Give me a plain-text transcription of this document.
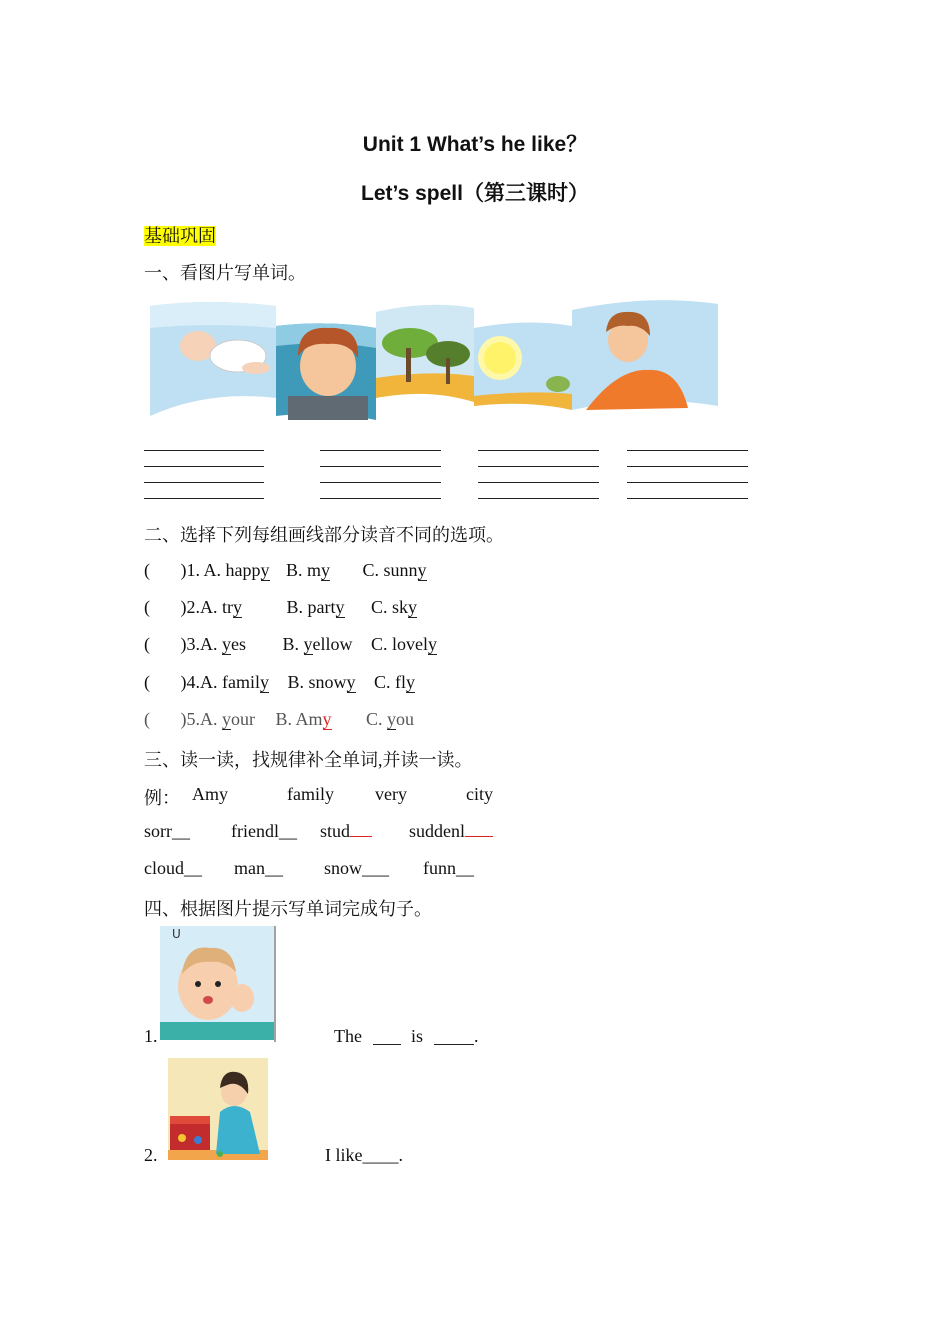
Unit 1 What’s he like？
Let’s spell（第三课时）
基础巩固
一、看图片写单词。
二、选择下列每组画线部分读音不同的选项。
( )1. A. happy B. my C. sunny
( )2.A. try B. party C. sky
( )3.A. yes B. yellow C. lovely
( )4.A. family B. snowy C. fly
( )5.A. your B. Amy C. you
三、读一读，找规律补全单词,并读一读。
例： Amy	family very	city
sorr__ friendl__ stud	suddenl
cloud__ man__ snow___ funn__
四、根据图片提示写单词完成句子。
U
1.	The	is	.
2.	I like____.
